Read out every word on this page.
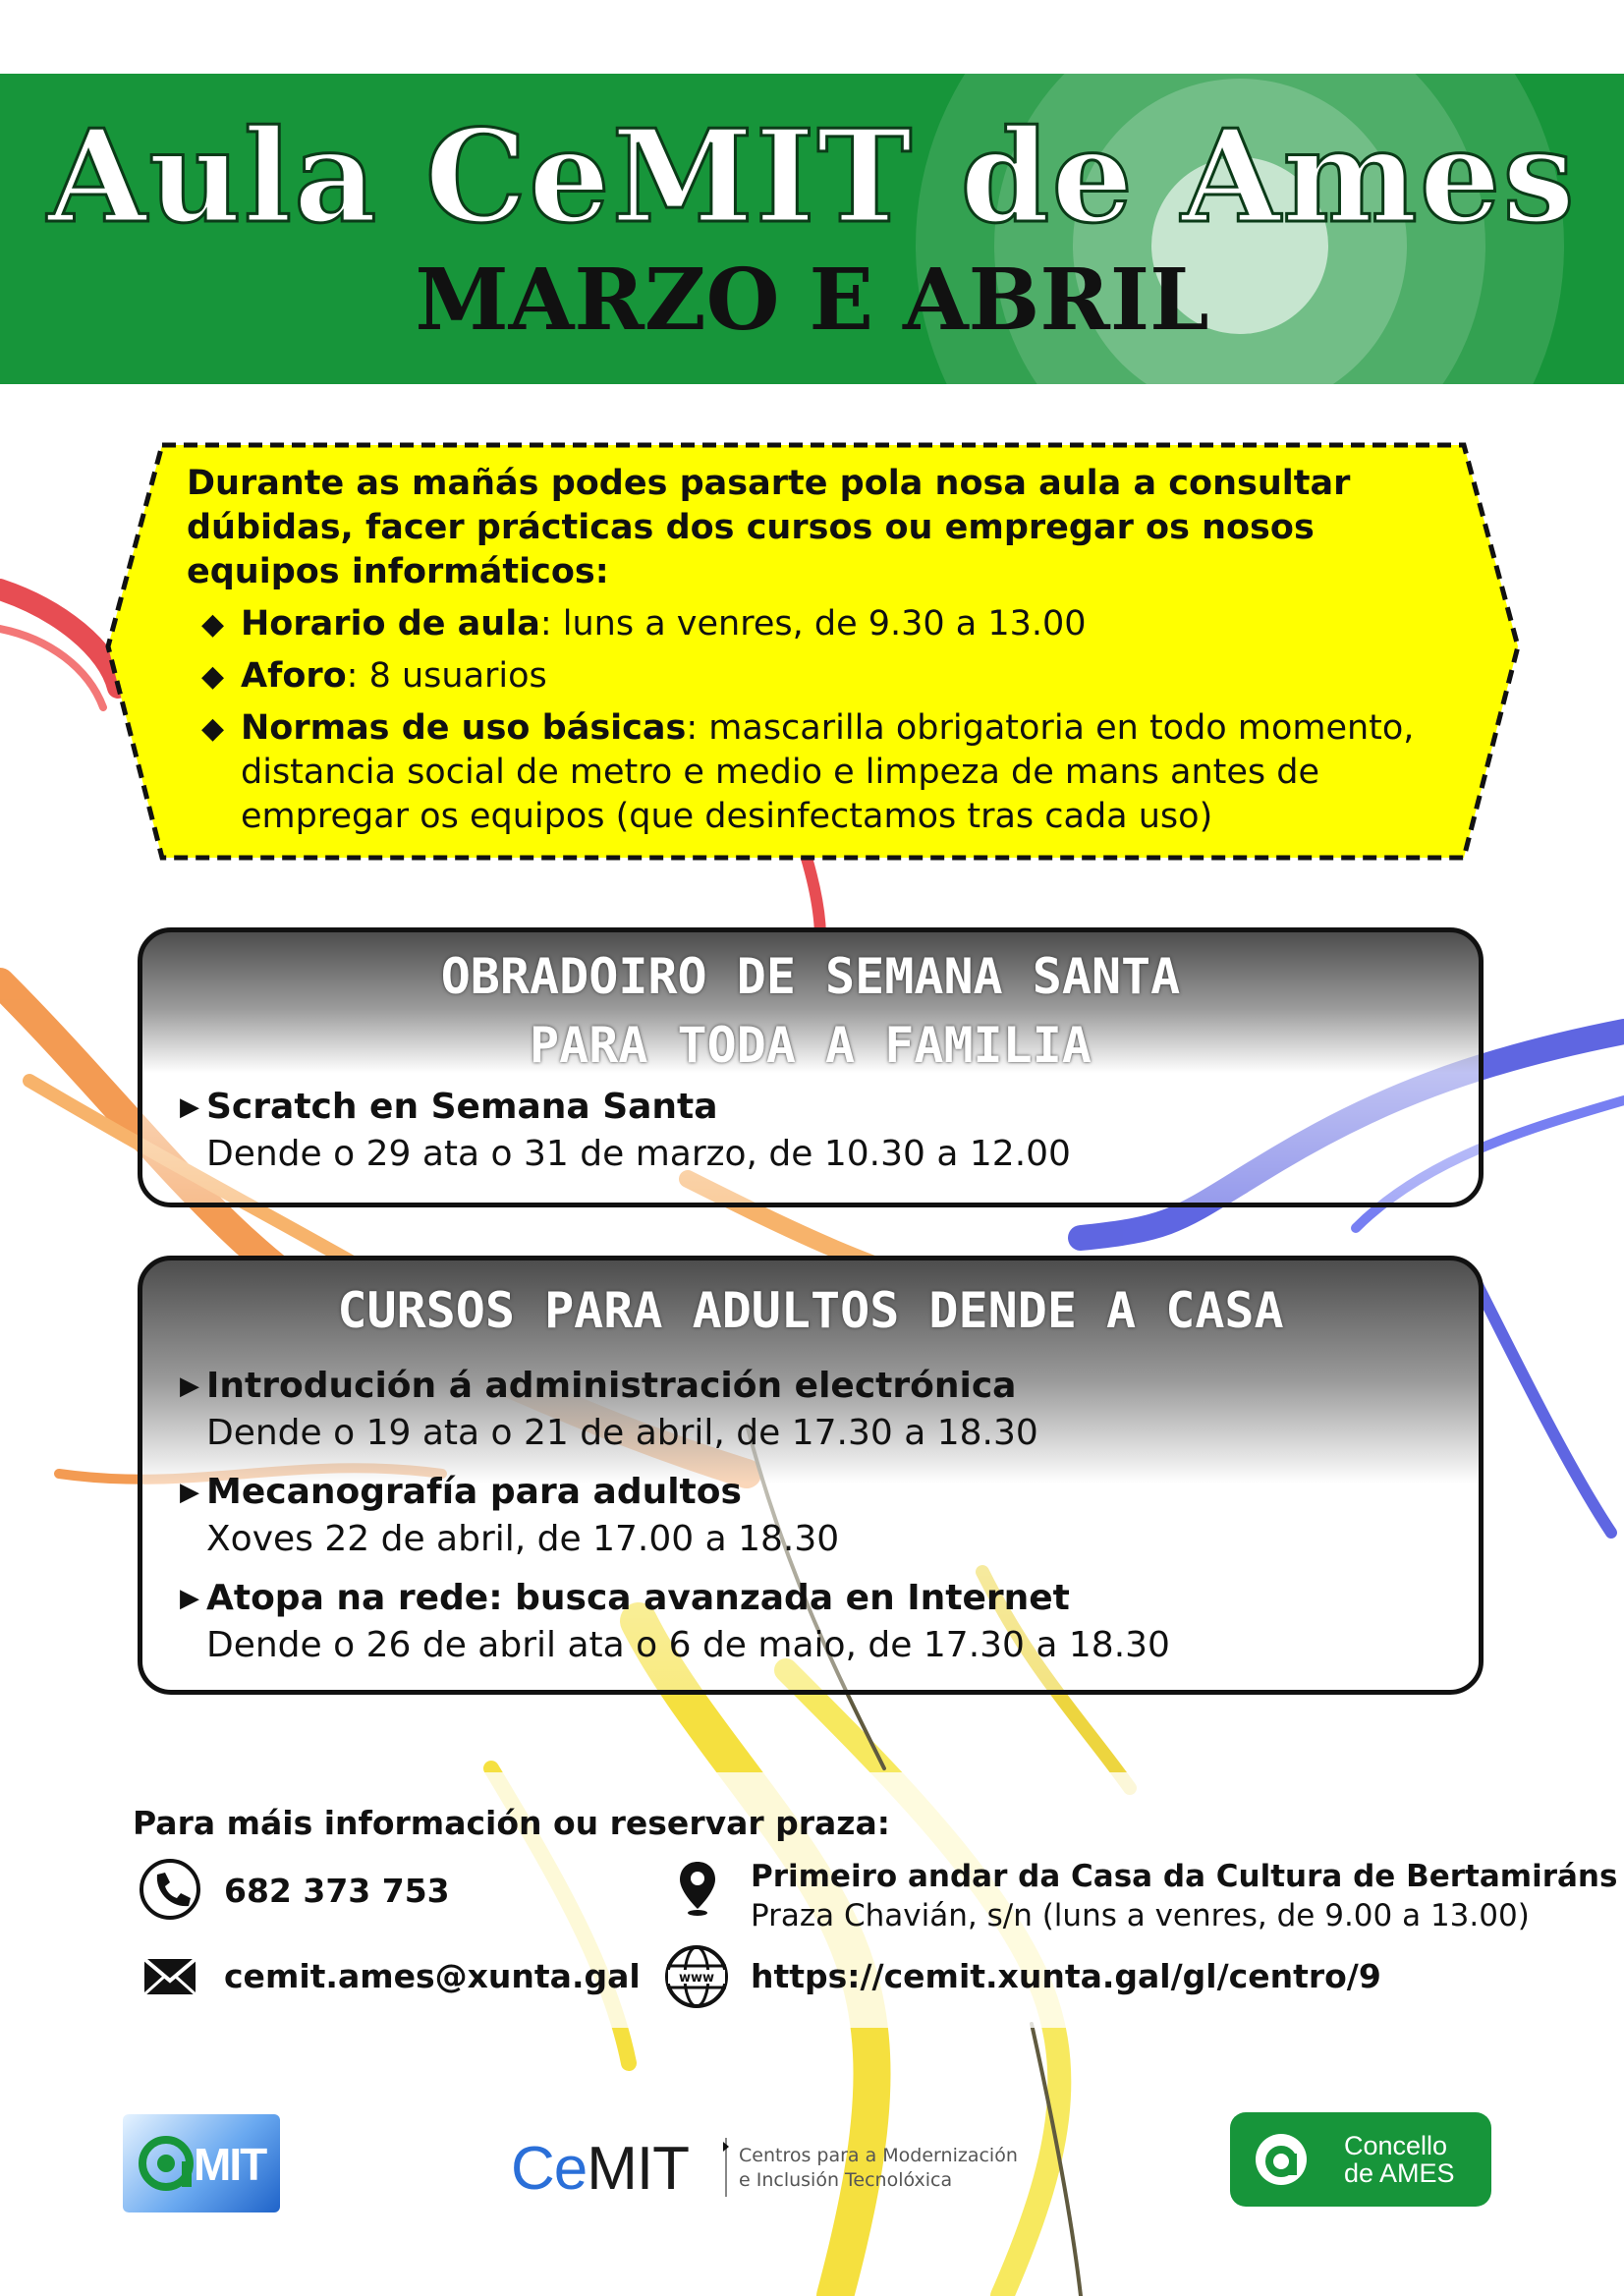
Aula CeMIT de Ames
MARZO E ABRIL
Durante as mañás podes pasarte pola nosa aula a consultar dúbidas, facer prácticas dos cursos ou empregar os nosos equipos informáticos:
◆ Horario de aula: luns a venres, de 9.30 a 13.00
◆ Aforo: 8 usuarios
◆ Normas de uso básicas: mascarilla obrigatoria en todo momento, distancia social de metro e medio e limpeza de mans antes de empregar os equipos (que desinfectamos tras cada uso)
OBRADOIRO DE SEMANA SANTA
PARA TODA A FAMILIA
▶ Scratch en Semana Santa
Dende o 29 ata o 31 de marzo, de 10.30 a 12.00
CURSOS PARA ADULTOS DENDE A CASA
▶ Introdución á administración electrónica
Dende o 19 ata o 21 de abril, de 17.30 a 18.30
▶ Mecanografía para adultos
Xoves 22 de abril, de 17.00 a 18.30
▶ Atopa na rede: busca avanzada en Internet
Dende o 26 de abril ata o 6 de maio, de 17.30 a 18.30
Para máis información ou reservar praza:
682 373 753
cemit.ames@xunta.gal
Primeiro andar da Casa da Cultura de Bertamiráns
Praza Chavián, s/n (luns a venres, de 9.00 a 13.00)
www https://cemit.xunta.gal/gl/centro/9
MIT	CeMIT	Centros para a Modernización
e Inclusión Tecnolóxica
Concello
de AMES
